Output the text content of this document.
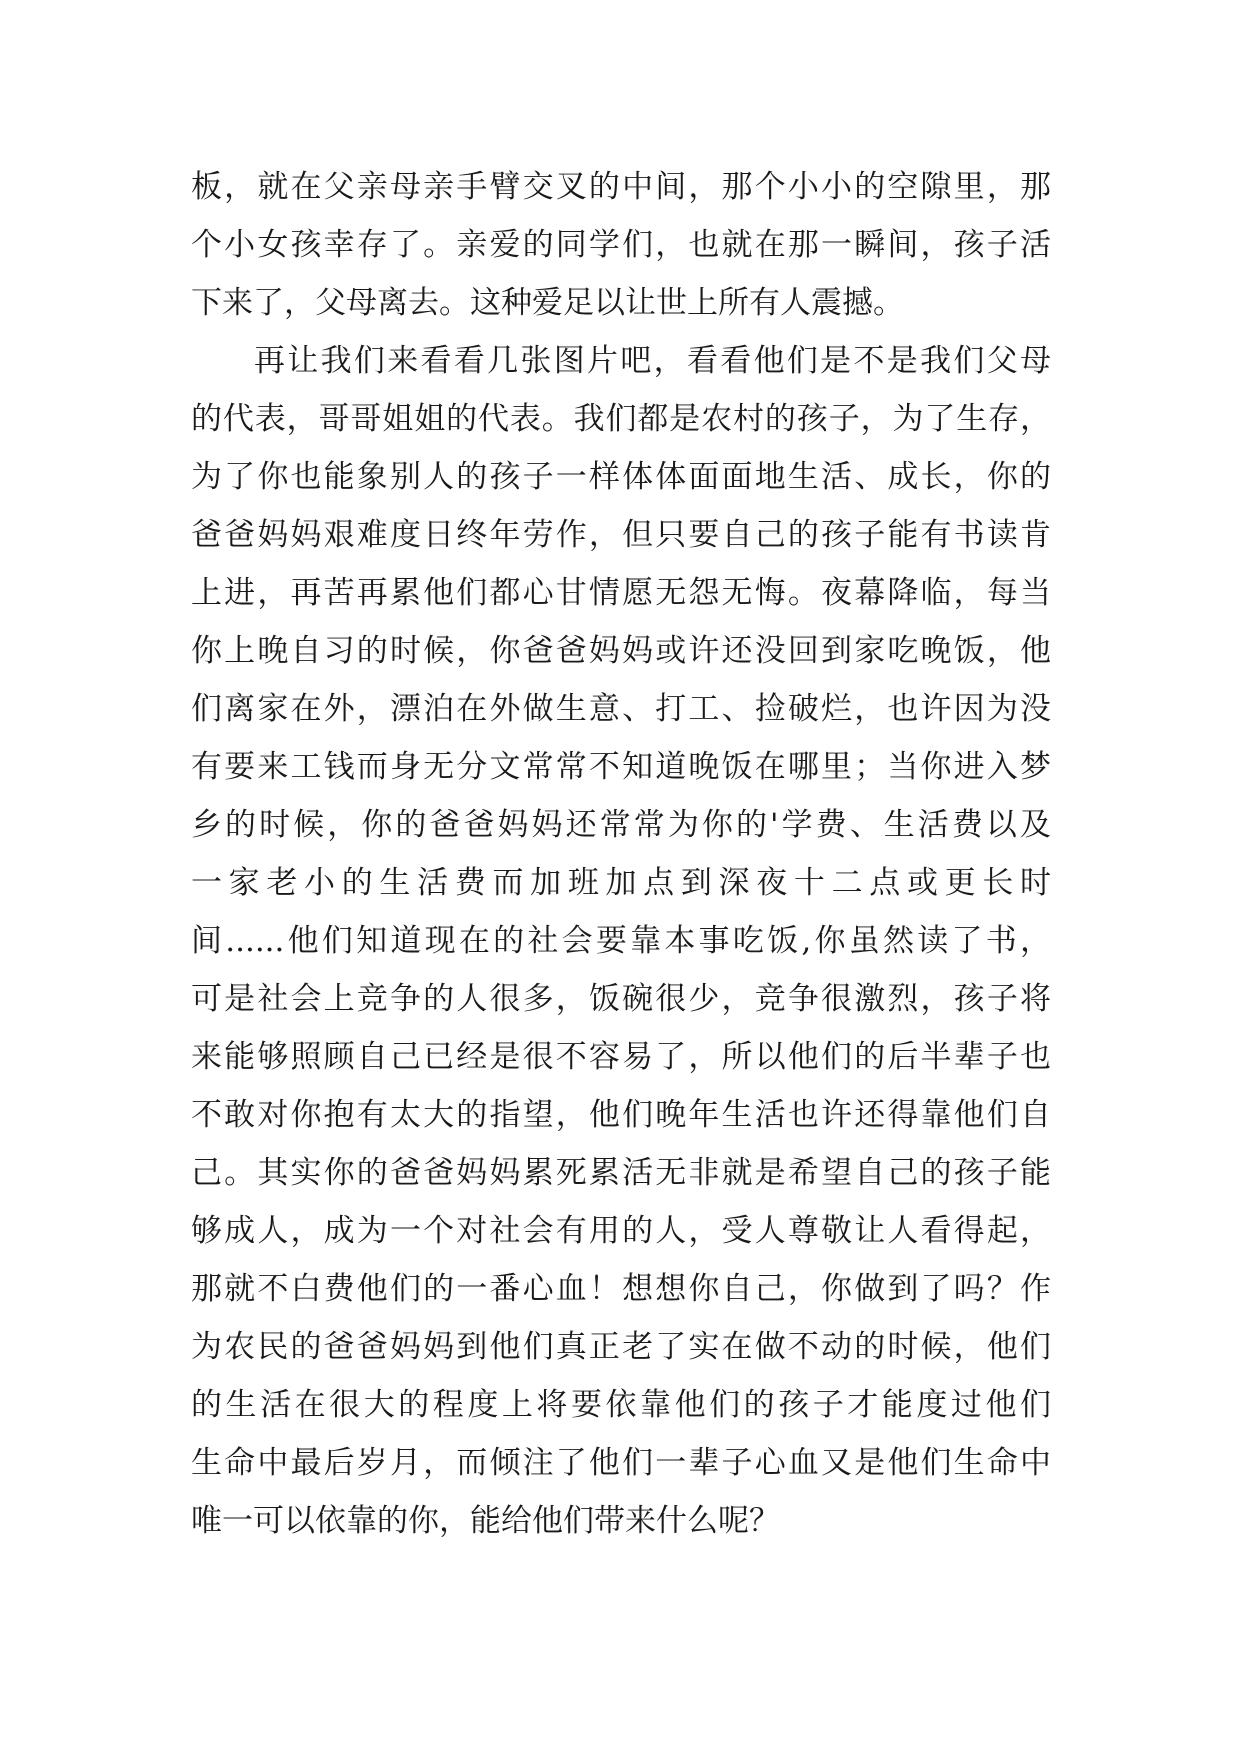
板，就在父亲母亲手臂交叉的中间，那个小小的空隙里，那
个小女孩幸存了。亲爱的同学们，也就在那一瞬间，孩子活
下来了，父母离去。这种爱足以让世上所有人震撼。
再让我们来看看几张图片吧，看看他们是不是我们父母
的代表，哥哥姐姐的代表。我们都是农村的孩子，为了生存，
为了你也能象别人的孩子一样体体面面地生活、成长，你的
爸爸妈妈艰难度日终年劳作，但只要自己的孩子能有书读肯
上进，再苦再累他们都心甘情愿无怨无悔。夜幕降临，每当
你上晚自习的时候，你爸爸妈妈或许还没回到家吃晚饭，他
们离家在外，漂泊在外做生意、打工、捡破烂，也许因为没
有要来工钱而身无分文常常不知道晚饭在哪里；当你进入梦
乡的时候，你的爸爸妈妈还常常为你的'学费、生活费以及
一家老小的生活费而加班加点到深夜十二点或更长时
间......他们知道现在的社会要靠本事吃饭,你虽然读了书，
可是社会上竞争的人很多，饭碗很少，竞争很激烈，孩子将
来能够照顾自己已经是很不容易了，所以他们的后半辈子也
不敢对你抱有太大的指望，他们晚年生活也许还得靠他们自
己。其实你的爸爸妈妈累死累活无非就是希望自己的孩子能
够成人，成为一个对社会有用的人，受人尊敬让人看得起，
那就不白费他们的一番心血！想想你自己，你做到了吗？作
为农民的爸爸妈妈到他们真正老了实在做不动的时候，他们
的生活在很大的程度上将要依靠他们的孩子才能度过他们
生命中最后岁月，而倾注了他们一辈子心血又是他们生命中
唯一可以依靠的你，能给他们带来什么呢？
